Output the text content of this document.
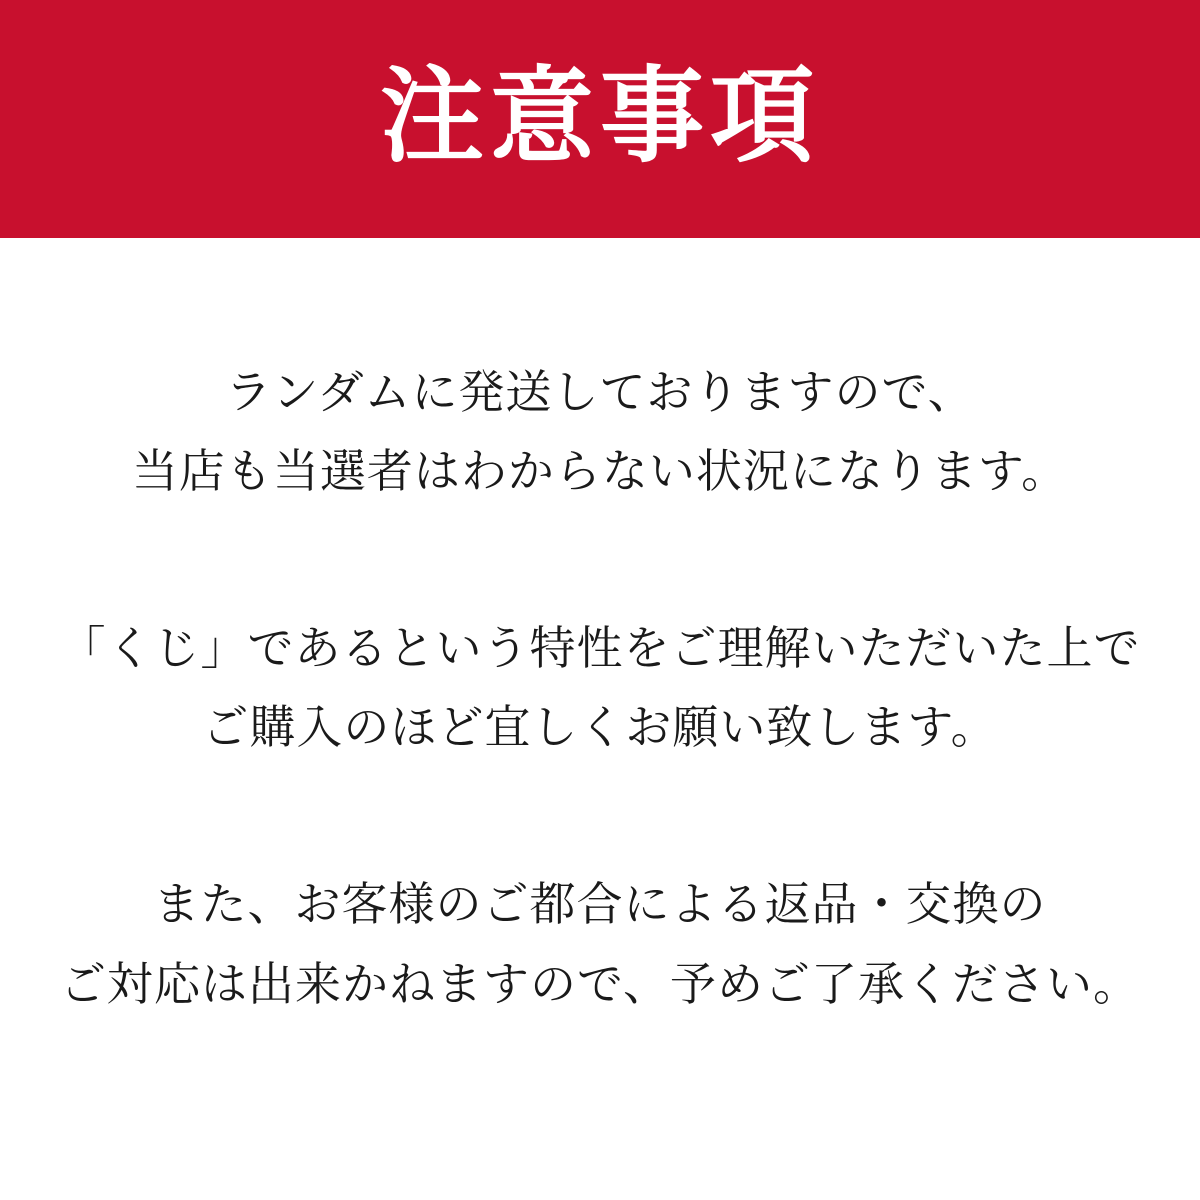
注意事項

ランダムに発送しておりますので、
当店も当選者はわからない状況になります。

「くじ」であるという特性をご理解いただいた上で
ご購入のほど宜しくお願い致します。

また、お客様のご都合による返品・交換の
ご対応は出来かねますので、予めご了承ください。
